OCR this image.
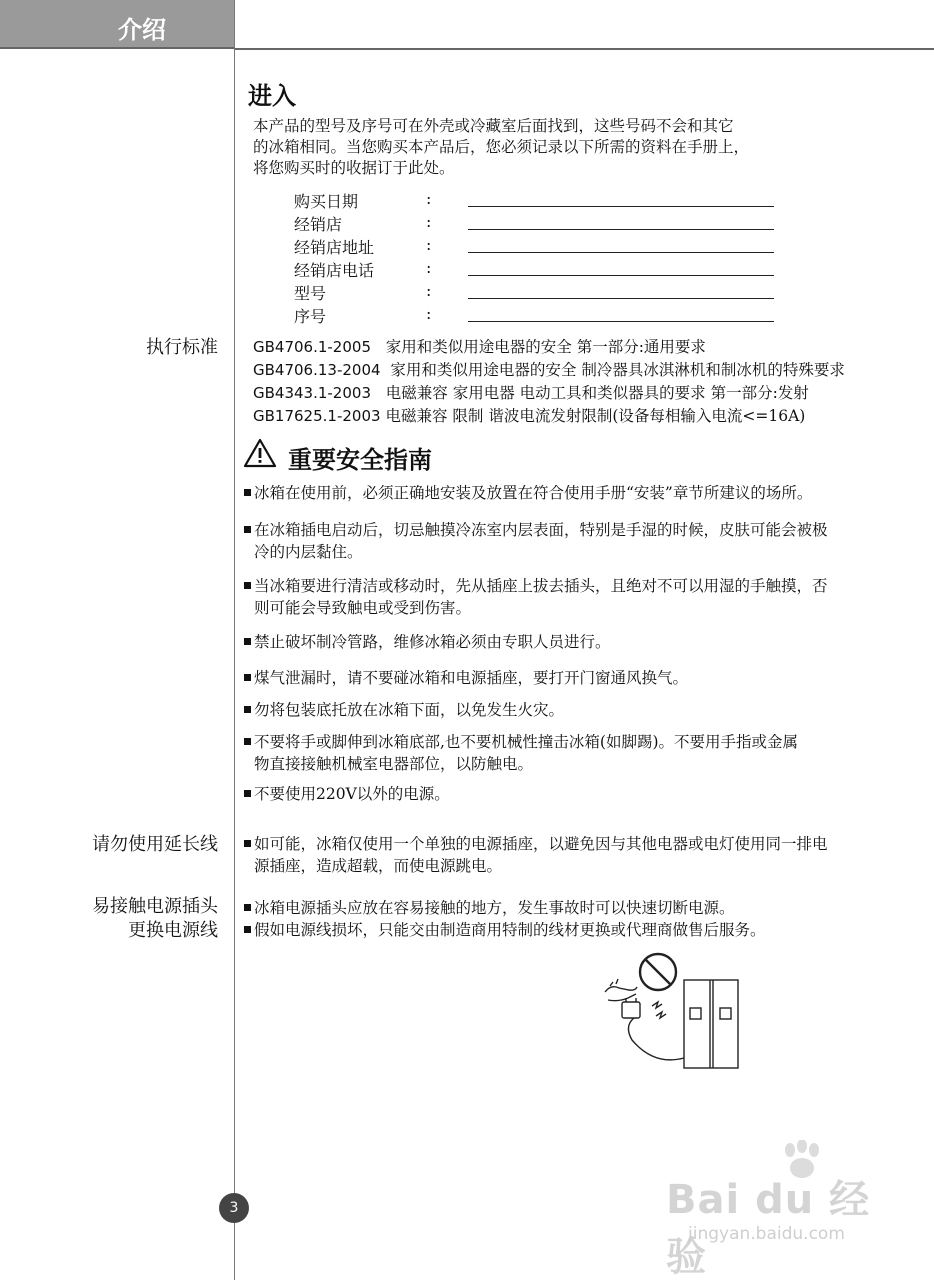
介绍
进入
本产品的型号及序号可在外壳或冷藏室后面找到，这些号码不会和其它
的冰箱相同。当您购买本产品后，您必须记录以下所需的资料在手册上，
将您购买时的收据订于此处。
购买日期	:
经销店	:
经销店地址	:
经销店电话	:
型号	:
序号	:
执行标准 GB4706.1-2005 家用和类似用途电器的安全 第一部分:通用要求
GB4706.13-2004 家用和类似用途电器的安全 制冷器具冰淇淋机和制冰机的特殊要求
GB4343.1-2003 电磁兼容 家用电器 电动工具和类似器具的要求 第一部分:发射
GB17625.1-2003 电磁兼容 限制 谐波电流发射限制(设备每相输入电流<=16A)
重要安全指南
冰箱在使用前，必须正确地安装及放置在符合使用手册“安装”章节所建议的场所。
在冰箱插电启动后，切忌触摸冷冻室内层表面，特别是手湿的时候，皮肤可能会被极
冷的内层黏住。
当冰箱要进行清洁或移动时，先从插座上拔去插头，且绝对不可以用湿的手触摸，否
则可能会导致触电或受到伤害。
禁止破坏制冷管路，维修冰箱必须由专职人员进行。
煤气泄漏时，请不要碰冰箱和电源插座，要打开门窗通风换气。
勿将包装底托放在冰箱下面，以免发生火灾。
不要将手或脚伸到冰箱底部,也不要机械性撞击冰箱(如脚踢)。不要用手指或金属
物直接接触机械室电器部位，以防触电。
不要使用220V以外的电源。
请勿使用延长线	如可能，冰箱仅使用一个单独的电源插座，以避免因与其他电器或电灯使用同一排电
源插座，造成超载，而使电源跳电。
易接触电源插头
更换电源线
冰箱电源插头应放在容易接触的地方，发生事故时可以快速切断电源。
假如电源线损坏，只能交由制造商用特制的线材更换或代理商做售后服务。
3	Bai du 经验
jingyan.baidu.com
